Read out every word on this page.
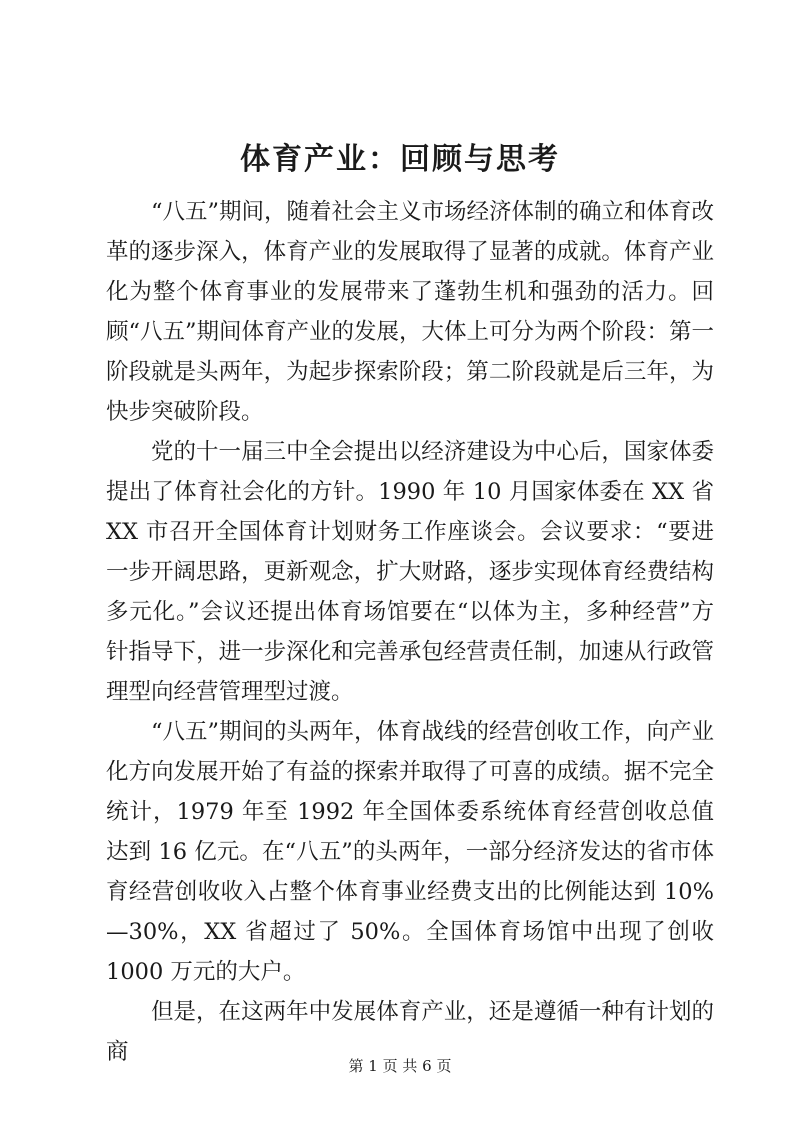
体育产业：回顾与思考

“八五”期间，随着社会主义市场经济体制的确立和体育改革的逐步深入，体育产业的发展取得了显著的成就。体育产业化为整个体育事业的发展带来了蓬勃生机和强劲的活力。回顾“八五”期间体育产业的发展，大体上可分为两个阶段：第一阶段就是头两年，为起步探索阶段；第二阶段就是后三年，为快步突破阶段。

党的十一届三中全会提出以经济建设为中心后，国家体委提出了体育社会化的方针。1990 年 10 月国家体委在 XX 省 XX 市召开全国体育计划财务工作座谈会。会议要求：“要进一步开阔思路，更新观念，扩大财路，逐步实现体育经费结构多元化。”会议还提出体育场馆要在“以体为主，多种经营”方针指导下，进一步深化和完善承包经营责任制，加速从行政管理型向经营管理型过渡。

“八五”期间的头两年，体育战线的经营创收工作，向产业化方向发展开始了有益的探索并取得了可喜的成绩。据不完全统计，1979 年至 1992 年全国体委系统体育经营创收总值达到 16 亿元。在“八五”的头两年，一部分经济发达的省市体育经营创收收入占整个体育事业经费支出的比例能达到 10%—30%，XX 省超过了 50%。全国体育场馆中出现了创收 1000 万元的大户。

但是，在这两年中发展体育产业，还是遵循一种有计划的商

第 1 页 共 6 页
